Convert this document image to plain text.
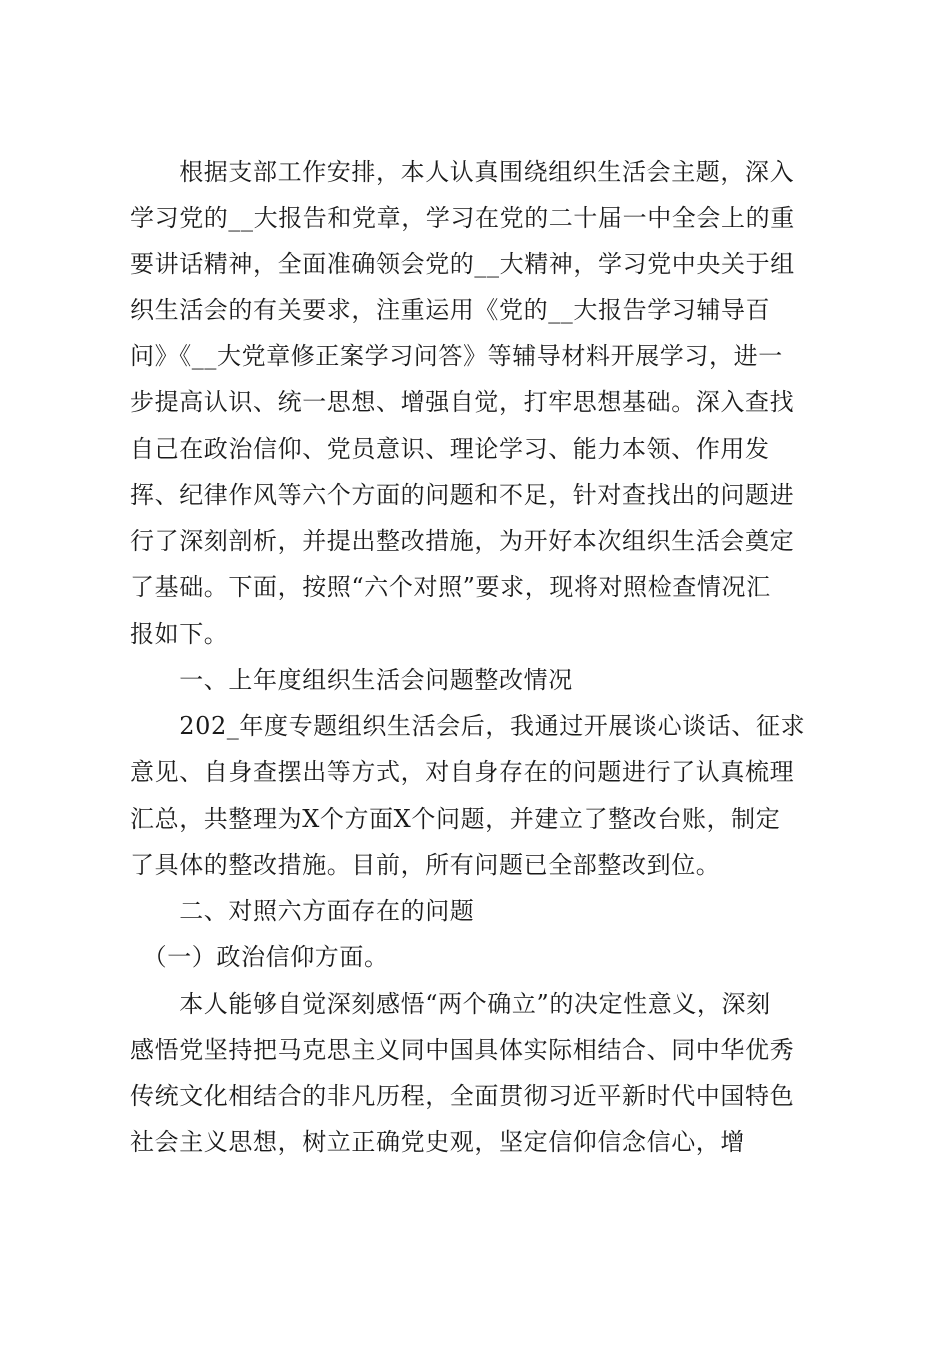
　　根据支部工作安排，本人认真围绕组织生活会主题，深入
学习党的__大报告和党章，学习在党的二十届一中全会上的重
要讲话精神，全面准确领会党的__大精神，学习党中央关于组
织生活会的有关要求，注重运用《党的__大报告学习辅导百
问》《__大党章修正案学习问答》等辅导材料开展学习，进一
步提高认识、统一思想、增强自觉，打牢思想基础。深入查找
自己在政治信仰、党员意识、理论学习、能力本领、作用发
挥、纪律作风等六个方面的问题和不足，针对查找出的问题进
行了深刻剖析，并提出整改措施，为开好本次组织生活会奠定
了基础。下面，按照“六个对照”要求，现将对照检查情况汇
报如下。
　　一、上年度组织生活会问题整改情况
　　202_年度专题组织生活会后，我通过开展谈心谈话、征求
意见、自身查摆出等方式，对自身存在的问题进行了认真梳理
汇总，共整理为X个方面X个问题，并建立了整改台账，制定
了具体的整改措施。目前，所有问题已全部整改到位。
　　二、对照六方面存在的问题
　（一）政治信仰方面。
　　本人能够自觉深刻感悟“两个确立”的决定性意义，深刻
感悟党坚持把马克思主义同中国具体实际相结合、同中华优秀
传统文化相结合的非凡历程，全面贯彻习近平新时代中国特色
社会主义思想，树立正确党史观，坚定信仰信念信心，增
